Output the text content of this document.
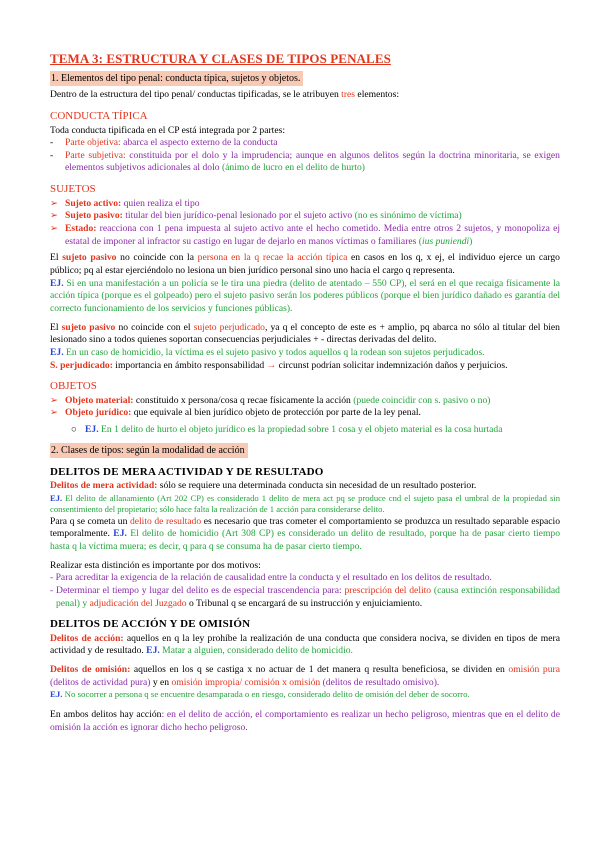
TEMA 3: ESTRUCTURA Y CLASES DE TIPOS PENALES
1. Elementos del tipo penal: conducta típica, sujetos y objetos.

Dentro de la estructura del tipo penal/ conductas tipificadas, se le atribuyen tres elementos:

CONDUCTA TÍPICA

Toda conducta tipificada en el CP está integrada por 2 partes:

- Parte objetiva: abarca el aspecto externo de la conducta
- Parte subjetiva: constituida por el dolo y la imprudencia; aunque en algunos delitos según la doctrina minoritaria, se exigen elementos subjetivos adicionales al dolo (ánimo de lucro en el delito de hurto)
SUJETOS
➢ Sujeto activo: quien realiza el tipo
➢ Sujeto pasivo: titular del bien jurídico-penal lesionado por el sujeto activo (no es sinónimo de víctima)
➢ Estado: reacciona con 1 pena impuesta al sujeto activo ante el hecho cometido. Media entre otros 2 sujetos, y monopoliza ej estatal de imponer al infractor su castigo en lugar de dejarlo en manos víctimas o familiares (ius puniendi)

El sujeto pasivo no coincide con la persona en la q recae la acción típica en casos en los q, x ej, el individuo ejerce un cargo público; pq al estar ejerciéndolo no lesiona un bien jurídico personal sino uno hacia el cargo q representa.

EJ. Si en una manifestación a un policía se le tira una piedra (delito de atentado – 550 CP), el será en el que recaiga físicamente la acción típica (porque es el golpeado) pero el sujeto pasivo serán los poderes públicos (porque el bien jurídico dañado es garantía del correcto funcionamiento de los servicios y funciones públicas).

El sujeto pasivo no coincide con el sujeto perjudicado, ya q el concepto de este es + amplio, pq abarca no sólo al titular del bien lesionado sino a todos quienes soportan consecuencias perjudiciales + - directas derivadas del delito.

EJ. En un caso de homicidio, la víctima es el sujeto pasivo y todos aquellos q la rodean son sujetos perjudicados.

S. perjudicado: importancia en ámbito responsabilidad → circunst podrían solicitar indemnización daños y perjuicios.

OBJETOS
➢ Objeto material: constituido x persona/cosa q recae físicamente la acción (puede coincidir con s. pasivo o no)
➢ Objeto jurídico: que equivale al bien jurídico objeto de protección por parte de la ley penal.
○ EJ. En 1 delito de hurto el objeto jurídico es la propiedad sobre 1 cosa y el objeto material es la cosa hurtada
2. Clases de tipos: según la modalidad de acción
DELITOS DE MERA ACTIVIDAD Y DE RESULTADO

Delitos de mera actividad: sólo se requiere una determinada conducta sin necesidad de un resultado posterior.

EJ. El delito de allanamiento (Art 202 CP) es considerado 1 delito de mera act pq se produce cnd el sujeto pasa el umbral de la propiedad sin consentimiento del propietario; sólo hace falta la realización de 1 acción para considerarse delito.

Para q se cometa un delito de resultado es necesario que tras cometer el comportamiento se produzca un resultado separable espacio temporalmente. EJ. El delito de homicidio (Art 308 CP) es considerado un delito de resultado, porque ha de pasar cierto tiempo hasta q la víctima muera; es decir, q para q se consuma ha de pasar cierto tiempo.

Realizar esta distinción es importante por dos motivos:

- Para acreditar la exigencia de la relación de causalidad entre la conducta y el resultado en los delitos de resultado.

- Determinar el tiempo y lugar del delito es de especial trascendencia para: prescripción del delito (causa extinción responsabilidad penal) y adjudicación del Juzgado o Tribunal q se encargará de su instrucción y enjuiciamiento.

DELITOS DE ACCIÓN Y DE OMISIÓN

Delitos de acción: aquellos en q la ley prohíbe la realización de una conducta que considera nociva, se dividen en tipos de mera actividad y de resultado. EJ. Matar a alguien, considerado delito de homicidio.

Delitos de omisión: aquellos en los q se castiga x no actuar de 1 det manera q resulta beneficiosa, se dividen en omisión pura (delitos de actividad pura) y en omisión impropia/ comisión x omisión (delitos de resultado omisivo).

EJ. No socorrer a persona q se encuentre desamparada o en riesgo, considerado delito de omisión del deber de socorro.

En ambos delitos hay acción: en el delito de acción, el comportamiento es realizar un hecho peligroso, mientras que en el delito de omisión la acción es ignorar dicho hecho peligroso.
